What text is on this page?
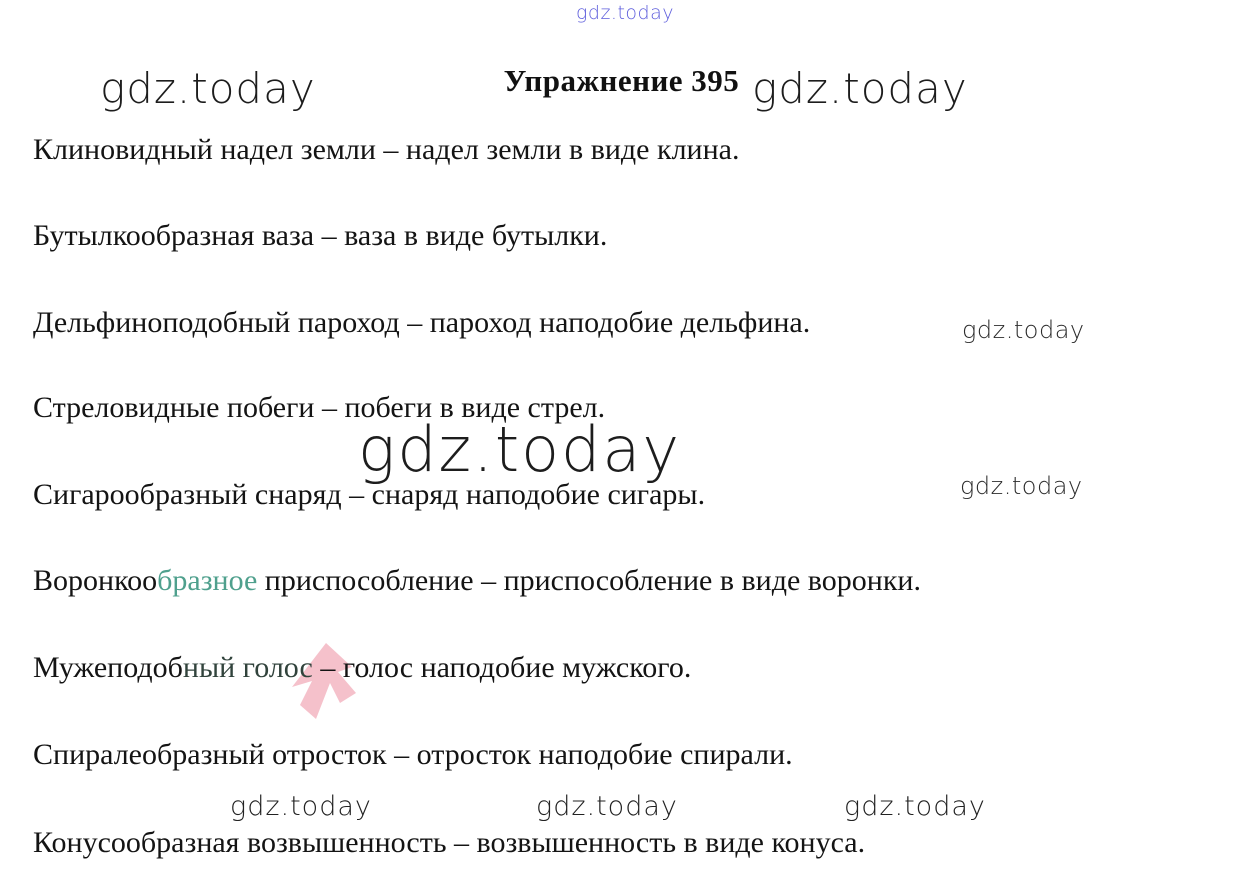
gdz.today
Упражнение 395
gdz.today	gdz.today

Клиновидный надел земли – надел земли в виде клина.

Бутылкообразная ваза – ваза в виде бутылки.

Дельфиноподобный пароход – пароход наподобие дельфина.	gdz.today

Стреловидные побеги – побеги в виде стрел.

gdz.today

Сигарообразный снаряд – снаряд наподобие сигары.	gdz.today

Воронкообразное приспособление – приспособление в виде воронки.

Мужеподобный голос – голос наподобие мужского.

Спиралеобразный отросток – отросток наподобие спирали.

gdz.today	gdz.today	gdz.today

Конусообразная возвышенность – возвышенность в виде конуса.
